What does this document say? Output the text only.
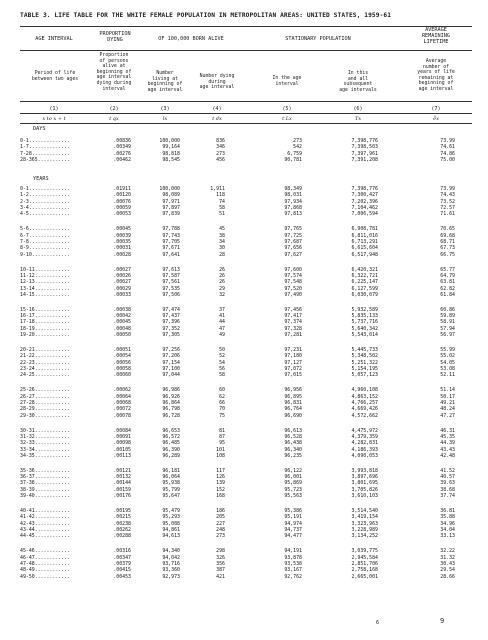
TABLE 3. LIFE TABLE FOR THE WHITE FEMALE POPULATION IN METROPOLITAN AREAS: UNITED STATES, 1959-61
AGE INTERVAL
PROPORTION
DYING	OF 100,000 BORN ALIVE	STATIONARY POPULATION
AVERAGE
REMAINING
LIFETIME
Period of life
between two ages
Proportion
of persons
alive at
beginning of
age interval
dying during
interval
Number
living at
beginning of
age interval
Number dying
during
age interval
In the age
interval
In this
and all
subsequent
age intervals
Average
number of
years of life
remaining at
beginning of
age interval
(1)	(2)	(3)	(4)	(5)	(6)	(7)
x to x + t	t qx	lx	t dx	t Lx	Tx	e̊x
DAYS
0-1..............	.00836	100,000	836	273	7,398,776	73.99
1-7..............	.00349	99,164	346	542	7,398,503	74.61
7-28.............	.00276	98,818	273	6,759	7,397,961	74.86
28-365...........	.00462	98,545	456	90,781	7,391,208	75.00
YEARS
0-1..............	.01911	100,000	1,911	98,349	7,398,776	73.99
1-2..............	.00120	98,089	118	98,031	7,300,427	74.43
2-3..............	.00076	97,971	74	97,934	7,202,396	73.52
3-4..............	.00059	97,897	58	97,868	7,104,462	72.57
4-5..............	.00053	97,839	51	97,813	7,006,594	71.61
5-6..............	.00045	97,788	45	97,765	6,908,781	70.65
6-7..............	.00039	97,743	38	97,725	6,811,016	69.68
7-8..............	.00035	97,705	34	97,687	6,713,291	68.71
8-9..............	.00031	97,671	30	97,656	6,615,604	67.73
9-10.............	.00028	97,641	28	97,627	6,517,948	66.75
10-11............	.00027	97,613	26	97,600	6,420,321	65.77
11-12............	.00026	97,587	26	97,574	6,322,721	64.79
12-13............	.00027	97,561	26	97,548	6,225,147	63.81
13-14............	.00029	97,535	29	97,520	6,127,599	62.82
14-15............	.00033	97,506	32	97,490	6,030,079	61.84
15-16............	.00038	97,474	37	97,456	5,932,589	60.86
16-17............	.00042	97,437	41	97,417	5,835,133	59.89
17-18............	.00045	97,396	44	97,374	5,737,716	58.91
18-19............	.00048	97,352	47	97,328	5,640,342	57.94
19-20............	.00050	97,305	49	97,281	5,543,014	56.97
20-21............	.00051	97,256	50	97,231	5,445,733	55.99
21-22............	.00054	97,206	52	97,180	5,348,502	55.02
22-23............	.00056	97,154	54	97,127	5,251,322	54.05
23-24............	.00058	97,100	56	97,072	5,154,195	53.08
24-25............	.00060	97,044	58	97,015	5,057,123	52.11
25-26............	.00062	96,986	60	96,956	4,960,108	51.14
26-27............	.00064	96,926	62	96,895	4,863,152	50.17
27-28............	.00068	96,864	66	96,831	4,766,257	49.21
28-29............	.00072	96,798	70	96,764	4,669,426	48.24
29-30............	.00078	96,728	75	96,690	4,572,662	47.27
30-31............	.00084	96,653	81	96,613	4,475,972	46.31
31-32............	.00091	96,572	87	96,528	4,379,359	45.35
32-33............	.00098	96,485	95	96,438	4,282,831	44.39
33-34............	.00105	96,390	101	96,340	4,186,393	43.43
34-35............	.00113	96,289	108	96,235	4,090,053	42.48
35-36............	.00121	96,181	117	96,122	3,993,818	41.52
36-37............	.00132	96,064	126	96,001	3,897,696	40.57
37-38............	.00144	95,938	139	95,869	3,801,695	39.63
38-39............	.00159	95,799	152	95,723	3,705,826	38.68
39-40............	.00176	95,647	168	95,563	3,610,103	37.74
40-41............	.00195	95,479	186	95,386	3,514,540	36.81
41-42............	.00215	95,293	205	95,191	3,419,154	35.88
42-43............	.00238	95,088	227	94,974	3,323,963	34.96
43-44............	.00262	94,861	248	94,737	3,228,989	34.04
44-45............	.00288	94,613	273	94,477	3,134,252	33.13
45-46............	.00316	94,340	298	94,191	3,039,775	32.22
46-47............	.00347	94,042	326	93,878	2,945,584	31.32
47-48............	.00379	93,716	356	93,538	2,851,706	30.43
48-49............	.00415	93,360	387	93,167	2,758,168	29.54
49-50............	.00453	92,973	421	92,762	2,665,001	28.66
6	9
